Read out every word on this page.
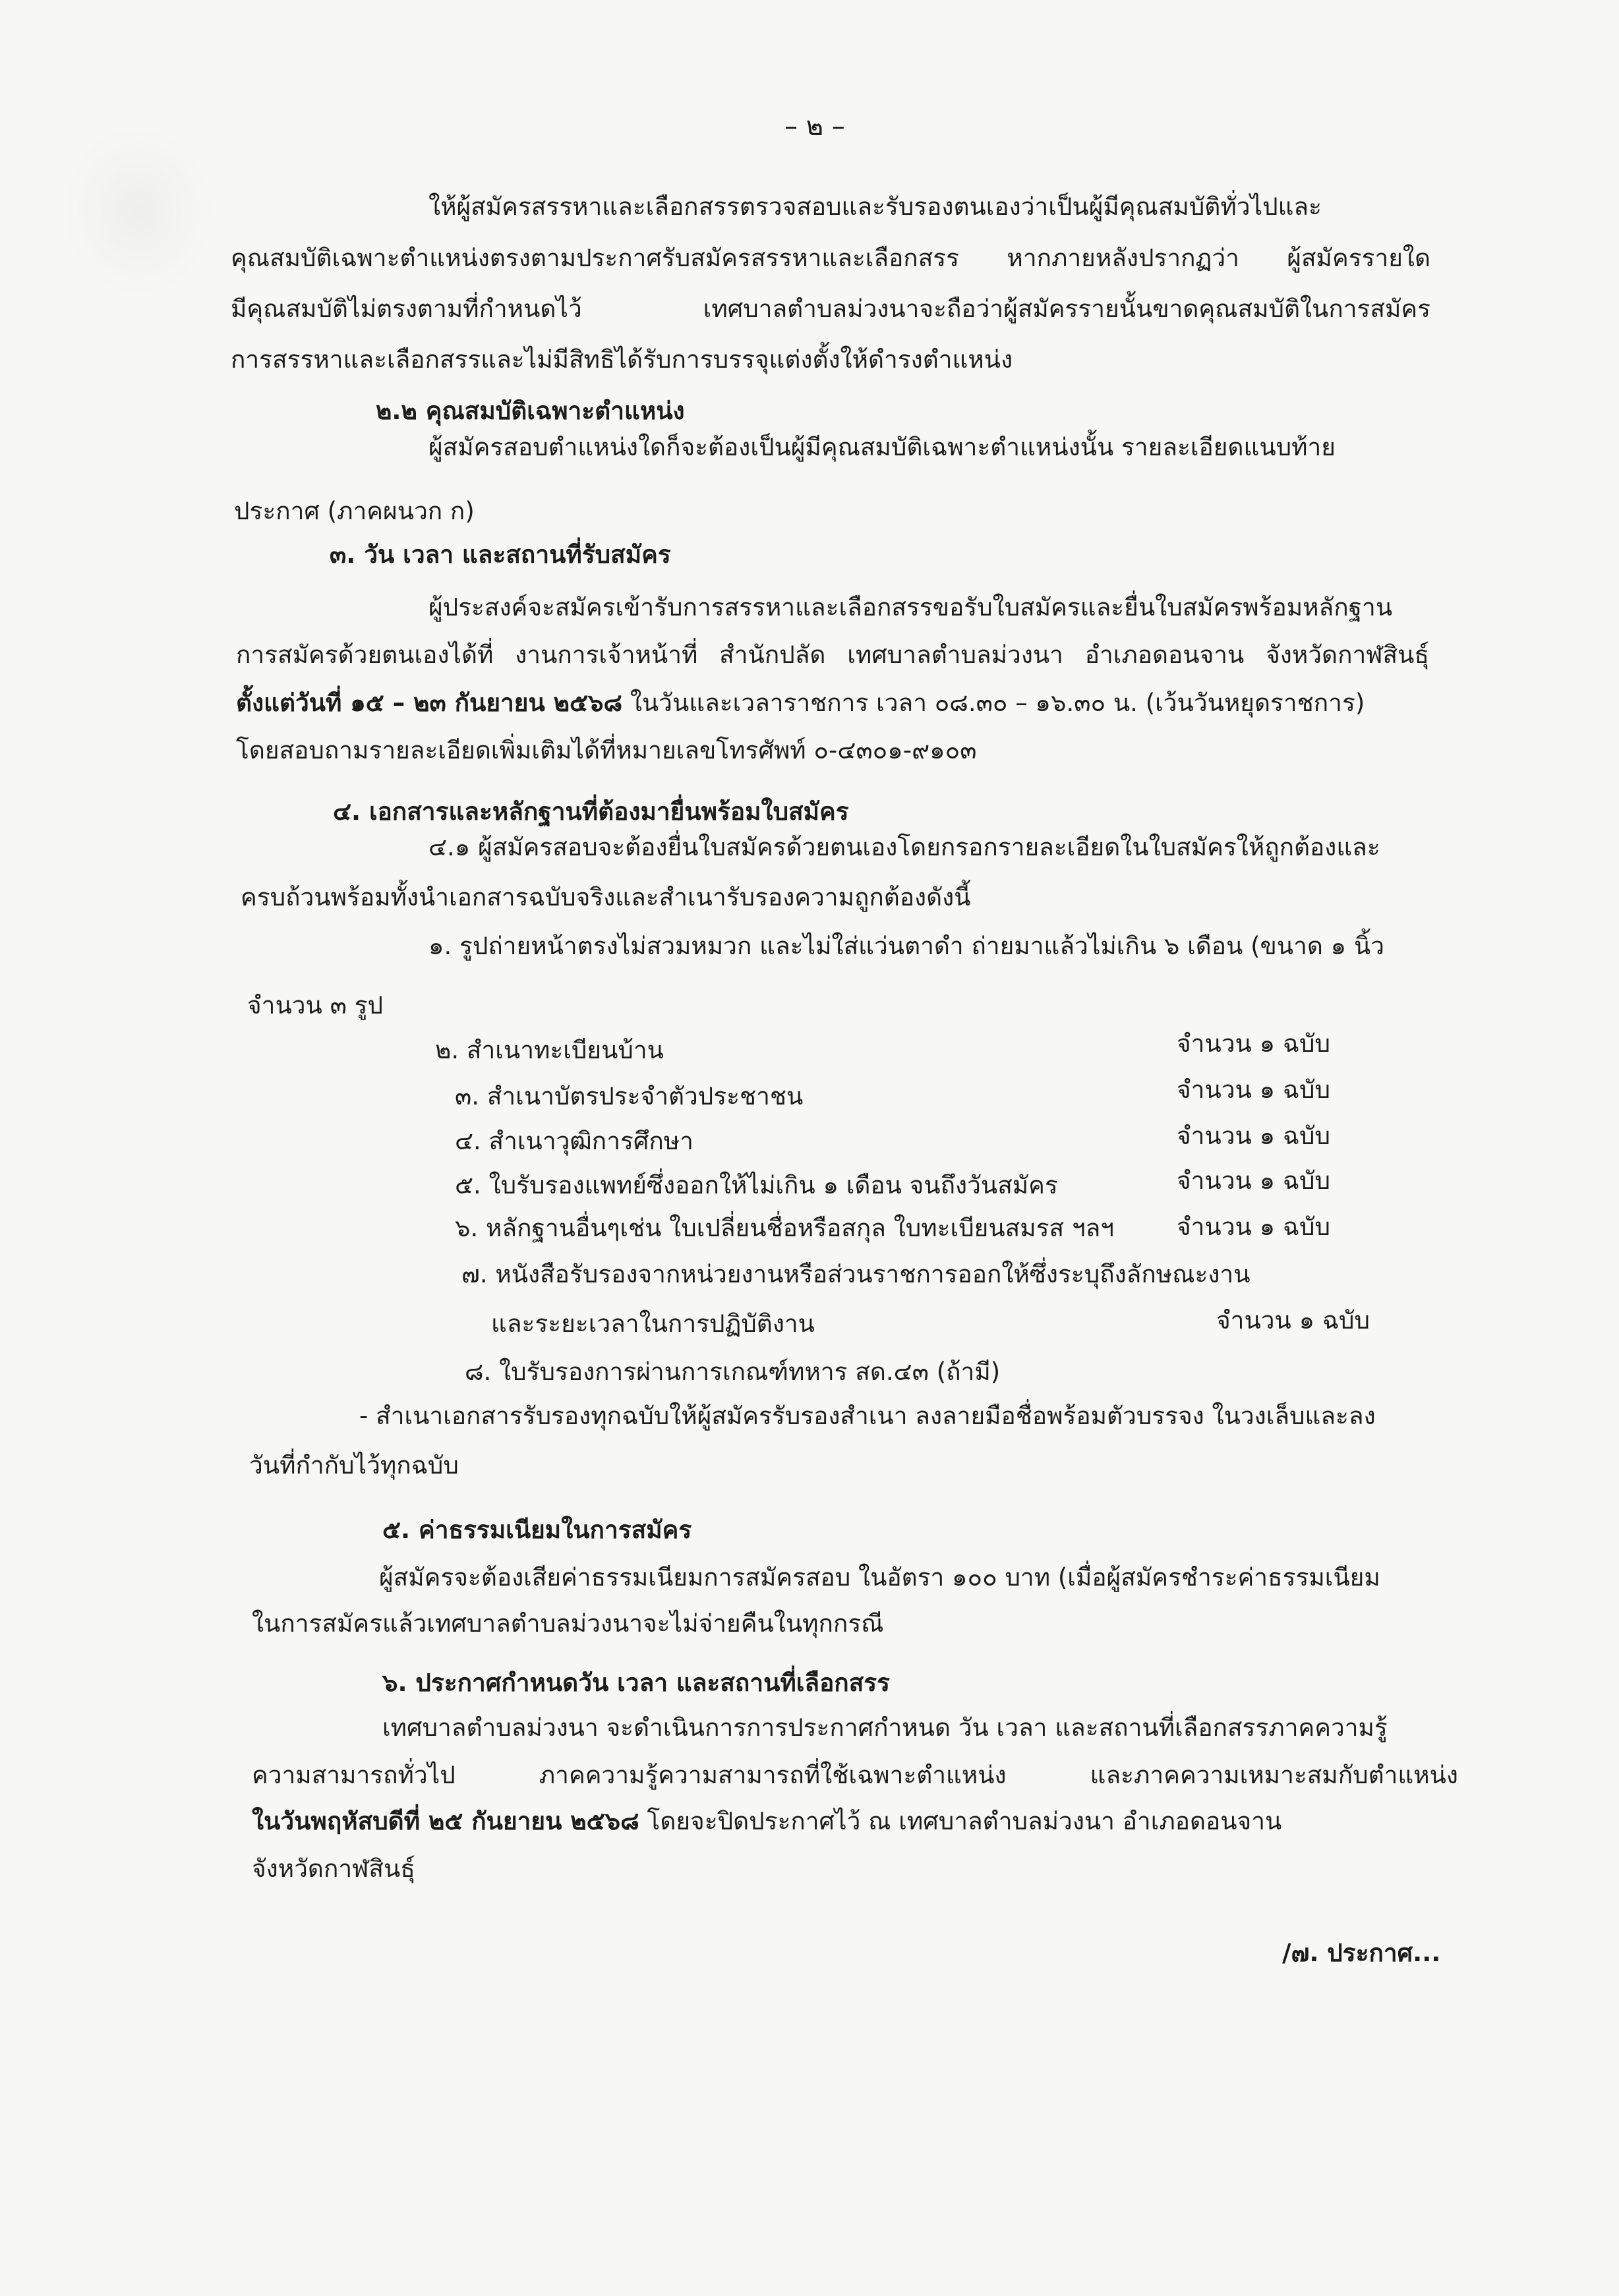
– ๒ –
ให้ผู้สมัครสรรหาและเลือกสรรตรวจสอบและรับรองตนเองว่าเป็นผู้มีคุณสมบัติทั่วไปและ
คุณสมบัติเฉพาะตำแหน่งตรงตามประกาศรับสมัครสรรหาและเลือกสรร หากภายหลังปรากฏว่า ผู้สมัครรายใด
มีคุณสมบัติไม่ตรงตามที่กำหนดไว้ เทศบาลตำบลม่วงนาจะถือว่าผู้สมัครรายนั้นขาดคุณสมบัติในการสมัคร
การสรรหาและเลือกสรรและไม่มีสิทธิได้รับการบรรจุแต่งตั้งให้ดำรงตำแหน่ง
๒.๒ คุณสมบัติเฉพาะตำแหน่ง
ผู้สมัครสอบตำแหน่งใดก็จะต้องเป็นผู้มีคุณสมบัติเฉพาะตำแหน่งนั้น รายละเอียดแนบท้าย
ประกาศ (ภาคผนวก ก)
๓. วัน เวลา และสถานที่รับสมัคร
ผู้ประสงค์จะสมัครเข้ารับการสรรหาและเลือกสรรขอรับใบสมัครและยื่นใบสมัครพร้อมหลักฐาน
การสมัครด้วยตนเองได้ที่ งานการเจ้าหน้าที่ สำนักปลัด เทศบาลตำบลม่วงนา อำเภอดอนจาน จังหวัดกาฬสินธุ์
ตั้งแต่วันที่ ๑๕ – ๒๓ กันยายน ๒๕๖๘ ในวันและเวลาราชการ เวลา ๐๘.๓๐ – ๑๖.๓๐ น. (เว้นวันหยุดราชการ)
โดยสอบถามรายละเอียดเพิ่มเติมได้ที่หมายเลขโทรศัพท์ ๐-๔๓๐๑-๙๑๐๓
๔. เอกสารและหลักฐานที่ต้องมายื่นพร้อมใบสมัคร
๔.๑ ผู้สมัครสอบจะต้องยื่นใบสมัครด้วยตนเองโดยกรอกรายละเอียดในใบสมัครให้ถูกต้องและ
ครบถ้วนพร้อมทั้งนำเอกสารฉบับจริงและสำเนารับรองความถูกต้องดังนี้
๑. รูปถ่ายหน้าตรงไม่สวมหมวก และไม่ใส่แว่นตาดำ ถ่ายมาแล้วไม่เกิน ๖ เดือน (ขนาด ๑ นิ้ว
จำนวน ๓ รูป
๒. สำเนาทะเบียนบ้าน	จำนวน ๑ ฉบับ
๓. สำเนาบัตรประจำตัวประชาชน	จำนวน ๑ ฉบับ
๔. สำเนาวุฒิการศึกษา	จำนวน ๑ ฉบับ
๕. ใบรับรองแพทย์ซึ่งออกให้ไม่เกิน ๑ เดือน จนถึงวันสมัคร	จำนวน ๑ ฉบับ
๖. หลักฐานอื่นๆเช่น ใบเปลี่ยนชื่อหรือสกุล ใบทะเบียนสมรส ฯลฯ	จำนวน ๑ ฉบับ
๗. หนังสือรับรองจากหน่วยงานหรือส่วนราชการออกให้ซึ่งระบุถึงลักษณะงาน
และระยะเวลาในการปฏิบัติงาน	จำนวน ๑ ฉบับ
๘. ใบรับรองการผ่านการเกณฑ์ทหาร สด.๔๓ (ถ้ามี)
- สำเนาเอกสารรับรองทุกฉบับให้ผู้สมัครรับรองสำเนา ลงลายมือชื่อพร้อมตัวบรรจง ในวงเล็บและลง
วันที่กำกับไว้ทุกฉบับ
๕. ค่าธรรมเนียมในการสมัคร
ผู้สมัครจะต้องเสียค่าธรรมเนียมการสมัครสอบ ในอัตรา ๑๐๐ บาท (เมื่อผู้สมัครชำระค่าธรรมเนียม
ในการสมัครแล้วเทศบาลตำบลม่วงนาจะไม่จ่ายคืนในทุกกรณี
๖. ประกาศกำหนดวัน เวลา และสถานที่เลือกสรร
เทศบาลตำบลม่วงนา จะดำเนินการการประกาศกำหนด วัน เวลา และสถานที่เลือกสรรภาคความรู้
ความสามารถทั่วไป ภาคความรู้ความสามารถที่ใช้เฉพาะตำแหน่ง และภาคความเหมาะสมกับตำแหน่ง
ในวันพฤหัสบดีที่ ๒๕ กันยายน ๒๕๖๘ โดยจะปิดประกาศไว้ ณ เทศบาลตำบลม่วงนา อำเภอดอนจาน
จังหวัดกาฬสินธุ์
/๗. ประกาศ...
